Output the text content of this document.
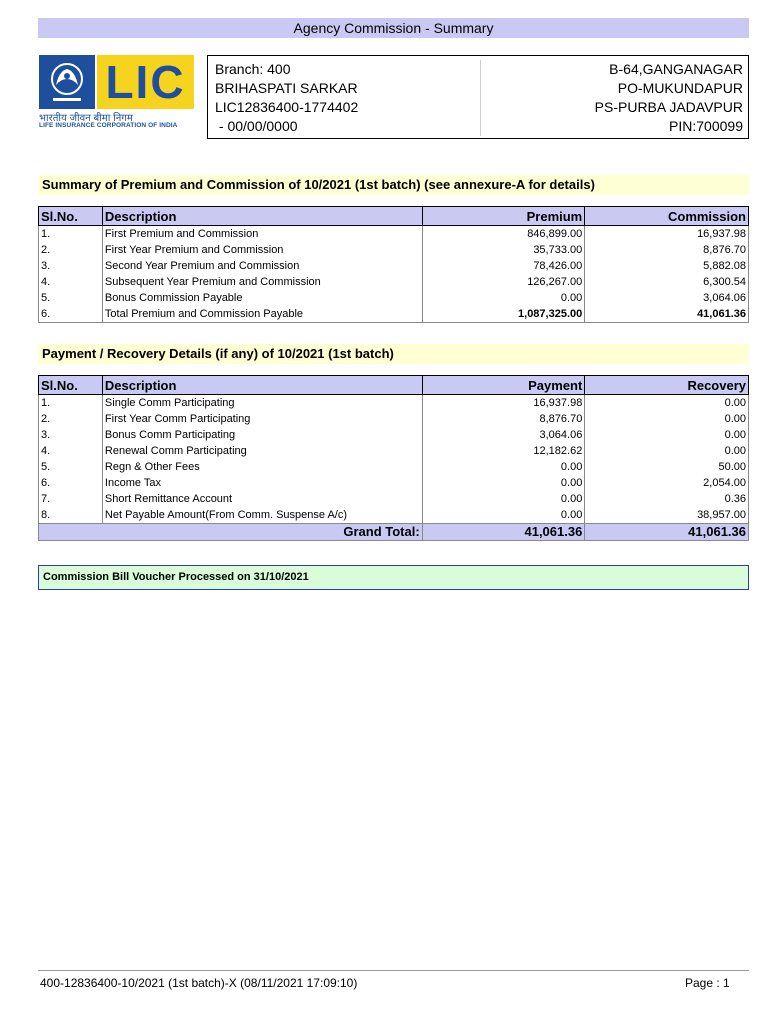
Agency Commission - Summary
LIC
भारतीय जीवन बीमा निगम
LIFE INSURANCE CORPORATION OF INDIA
Branch: 400
BRIHASPATI SARKAR
LIC12836400-1774402
- 00/00/0000
B-64,GANGANAGAR
PO-MUKUNDAPUR
PS-PURBA JADAVPUR
PIN:700099
Summary of Premium and Commission of 10/2021 (1st batch) (see annexure-A for details)
Sl.No.	Description	Premium	Commission
1.	First Premium and Commission	846,899.00	16,937.98
2.	First Year Premium and Commission	35,733.00	8,876.70
3.	Second Year Premium and Commission	78,426.00	5,882.08
4.	Subsequent Year Premium and Commission	126,267.00	6,300.54
5.	Bonus Commission Payable	0.00	3,064.06
6.	Total Premium and Commission Payable	1,087,325.00	41,061.36
Payment / Recovery Details (if any) of 10/2021 (1st batch)
Sl.No.	Description	Payment	Recovery
1.	Single Comm Participating	16,937.98	0.00
2.	First Year Comm Participating	8,876.70	0.00
3.	Bonus Comm Participating	3,064.06	0.00
4.	Renewal Comm Participating	12,182.62	0.00
5.	Regn & Other Fees	0.00	50.00
6.	Income Tax	0.00	2,054.00
7.	Short Remittance Account	0.00	0.36
8.	Net Payable Amount(From Comm. Suspense A/c)	0.00	38,957.00
Grand Total:		41,061.36	41,061.36
Commission Bill Voucher Processed on 31/10/2021
400-12836400-10/2021 (1st batch)-X (08/11/2021 17:09:10)	Page : 1
